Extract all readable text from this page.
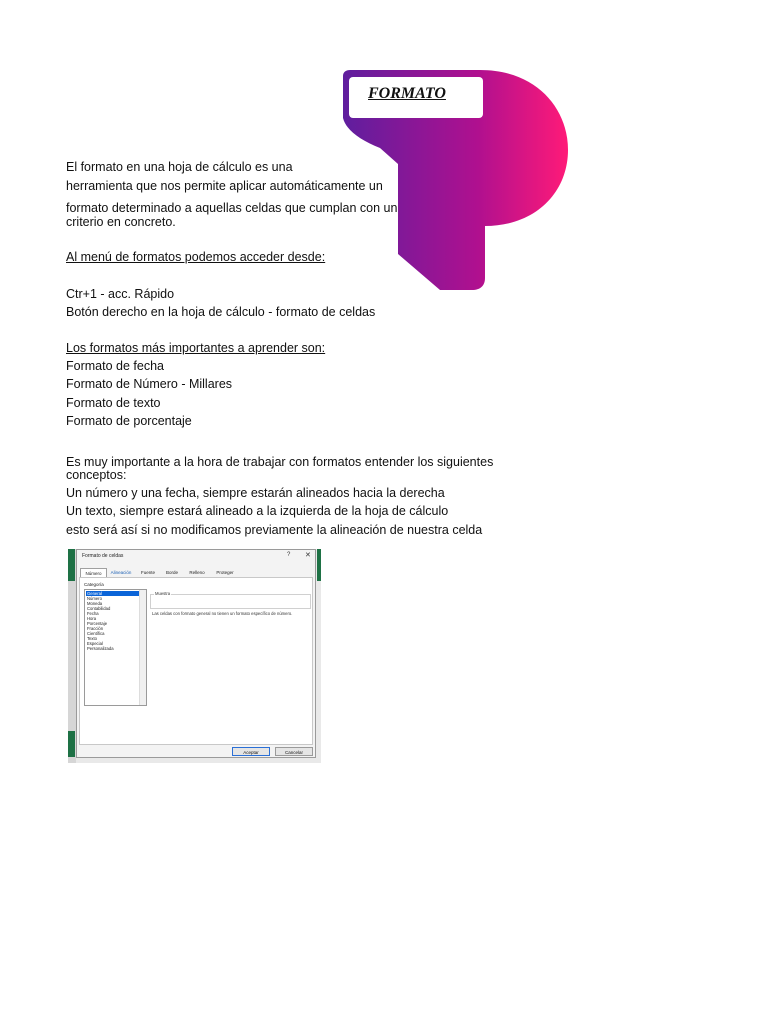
FORMATO
El formato en una hoja de cálculo es una
herramienta que nos permite aplicar automáticamente un
formato determinado a aquellas celdas que cumplan con un
criterio en concreto.
Al menú de formatos podemos acceder desde:
Ctr+1 - acc. Rápido
Botón derecho en la hoja de cálculo - formato de celdas
Los formatos más importantes a aprender son:
Formato de fecha
Formato de Número - Millares
Formato de texto
Formato de porcentaje
Es muy importante a la hora de trabajar con formatos entender los siguientes
conceptos:
Un número y una fecha, siempre estarán alineados hacia la derecha
Un texto, siempre estará alineado a la izquierda de la hoja de cálculo
esto será así si no modificamos previamente la alineación de nuestra celda
Formato de celdas	? ✕
Número	Alineación	Fuente	Borde	Relleno	Proteger
Categoría
General
Número
Moneda
Contabilidad
Fecha
Hora
Porcentaje
Fracción
Científica
Texto
Especial
Personalizada
Muestra
Las celdas con formato general no tienen un formato específico de número.
Aceptar	Cancelar
